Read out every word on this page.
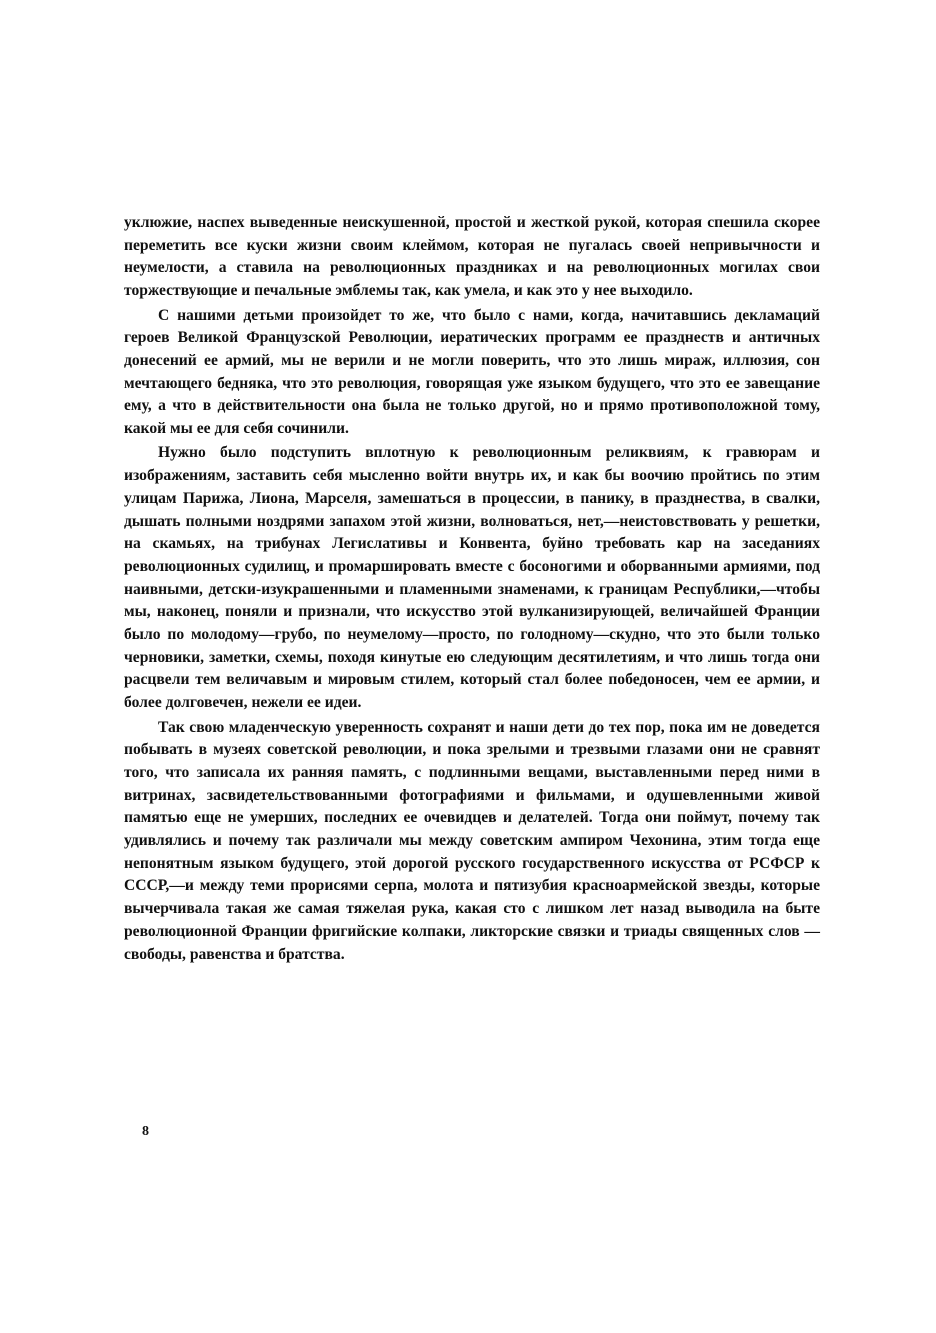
уклюжие, наспех выведенные неискушенной, простой и жесткой рукой, которая спешила скорее переметить все куски жизни своим клеймом, которая не пугалась своей непривычности и неумелости, а ставила на революционных праздниках и на революционных могилах свои торжествующие и печальные эмблемы так, как умела, и как это у нее выходило.

С нашими детьми произойдет то же, что было с нами, когда, начитавшись декламаций героев Великой Французской Революции, иератических программ ее празднеств и античных донесений ее армий, мы не верили и не могли поверить, что это лишь мираж, иллюзия, сон мечтающего бедняка, что это революция, говорящая уже языком будущего, что это ее завещание ему, а что в действительности она была не только другой, но и прямо противоположной тому, какой мы ее для себя сочинили.

Нужно было подступить вплотную к революционным реликвиям, к гравюрам и изображениям, заставить себя мысленно войти внутрь их, и как бы воочию пройтись по этим улицам Парижа, Лиона, Марселя, замешаться в процессии, в панику, в празднества, в свалки, дышать полными ноздрями запахом этой жизни, волноваться, нет,—неистовствовать у решетки, на скамьях, на трибунах Легислативы и Конвента, буйно требовать кар на заседаниях революционных судилищ, и промаршировать вместе с босоногими и оборванными армиями, под наивными, детски-изукрашенными и пламенными знаменами, к границам Республики,—чтобы мы, наконец, поняли и признали, что искусство этой вулканизирующей, величайшей Франции было по молодому—грубо, по неумелому—просто, по голодному—скудно, что это были только черновики, заметки, схемы, походя кинутые ею следующим десятилетиям, и что лишь тогда они расцвели тем величавым и мировым стилем, который стал более победоносен, чем ее армии, и более долговечен, нежели ее идеи.

Так свою младенческую уверенность сохранят и наши дети до тех пор, пока им не доведется побывать в музеях советской революции, и пока зрелыми и трезвыми глазами они не сравнят того, что записала их ранняя память, с подлинными вещами, выставленными перед ними в витринах, засвидетельствованными фотографиями и фильмами, и одушевленными живой памятью еще не умерших, последних ее очевидцев и делателей. Тогда они поймут, почему так удивлялись и почему так различали мы между советским ампиром Чехонина, этим тогда еще непонятным языком будущего, этой дорогой русского государственного искусства от РСФСР к СССР,—и между теми прорисями серпа, молота и пятизубия красноармейской звезды, которые вычерчивала такая же самая тяжелая рука, какая сто с лишком лет назад выводила на быте революционной Франции фригийские колпаки, ликторские связки и триады священных слов — свободы, равенства и братства.

8
